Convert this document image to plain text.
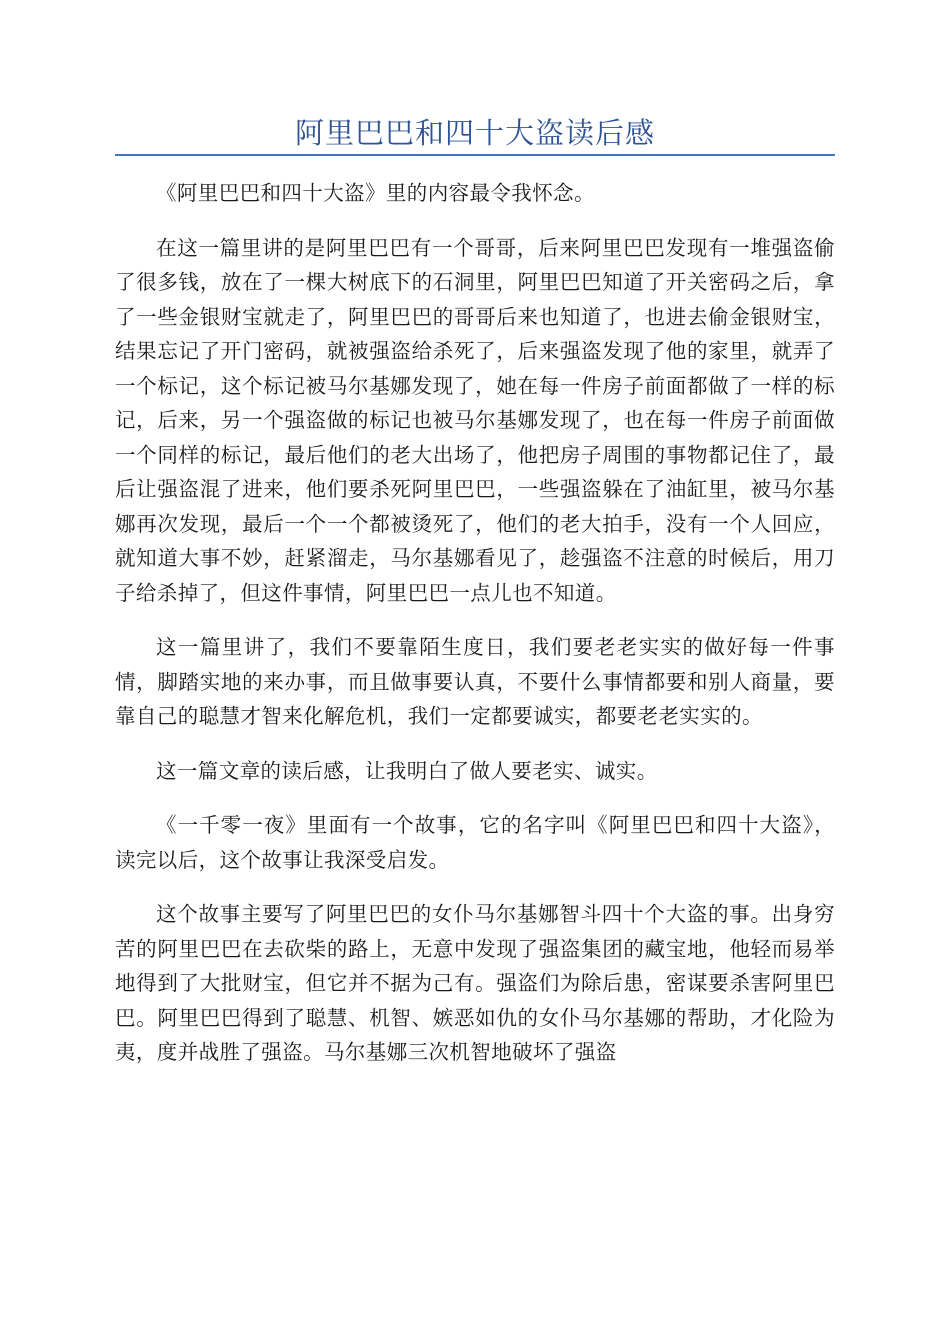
阿里巴巴和四十大盗读后感

《阿里巴巴和四十大盗》里的内容最令我怀念。

在这一篇里讲的是阿里巴巴有一个哥哥，后来阿里巴巴发现有一堆强盗偷了很多钱，放在了一棵大树底下的石洞里，阿里巴巴知道了开关密码之后，拿了一些金银财宝就走了，阿里巴巴的哥哥后来也知道了，也进去偷金银财宝，结果忘记了开门密码，就被强盗给杀死了，后来强盗发现了他的家里，就弄了一个标记，这个标记被马尔基娜发现了，她在每一件房子前面都做了一样的标记，后来，另一个强盗做的标记也被马尔基娜发现了，也在每一件房子前面做一个同样的标记，最后他们的老大出场了，他把房子周围的事物都记住了，最后让强盗混了进来，他们要杀死阿里巴巴，一些强盗躲在了油缸里，被马尔基娜再次发现，最后一个一个都被烫死了，他们的老大拍手，没有一个人回应，就知道大事不妙，赶紧溜走，马尔基娜看见了，趁强盗不注意的时候后，用刀子给杀掉了，但这件事情，阿里巴巴一点儿也不知道。

这一篇里讲了，我们不要靠陌生度日，我们要老老实实的做好每一件事情，脚踏实地的来办事，而且做事要认真，不要什么事情都要和别人商量，要靠自己的聪慧才智来化解危机，我们一定都要诚实，都要老老实实的。

这一篇文章的读后感，让我明白了做人要老实、诚实。

《一千零一夜》里面有一个故事，它的名字叫《阿里巴巴和四十大盗》，读完以后，这个故事让我深受启发。

这个故事主要写了阿里巴巴的女仆马尔基娜智斗四十个大盗的事。出身穷苦的阿里巴巴在去砍柴的路上，无意中发现了强盗集团的藏宝地，他轻而易举地得到了大批财宝，但它并不据为己有。强盗们为除后患，密谋要杀害阿里巴巴。阿里巴巴得到了聪慧、机智、嫉恶如仇的女仆马尔基娜的帮助，才化险为夷，度并战胜了强盗。马尔基娜三次机智地破坏了强盗
